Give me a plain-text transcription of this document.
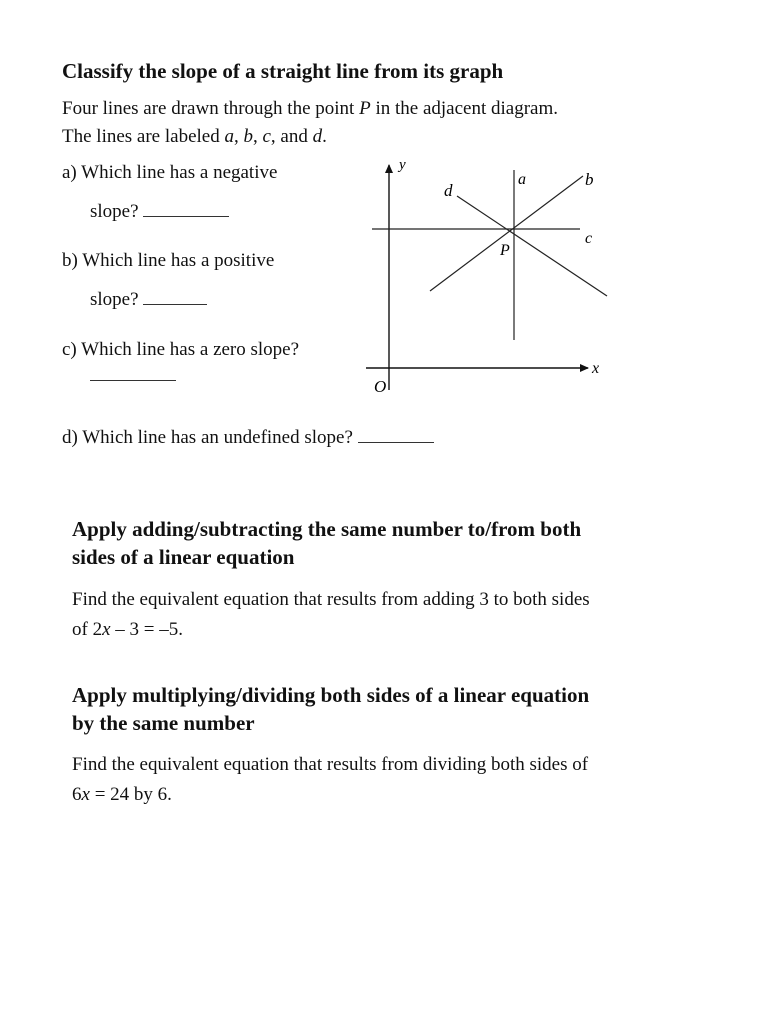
Classify the slope of a straight line from its graph
Four lines are drawn through the point P in the adjacent diagram.
The lines are labeled a, b, c, and d.
a) Which line has a negative
slope?
b) Which line has a positive
slope?
c) Which line has a zero slope?
d) Which line has an undefined slope?
y
x
O
P
a	b
c
d
Apply adding/subtracting the same number to/from both
sides of a linear equation
Find the equivalent equation that results from adding 3 to both sides
of 2x – 3 = –5.
Apply multiplying/dividing both sides of a linear equation
by the same number
Find the equivalent equation that results from dividing both sides of
6x = 24 by 6.
